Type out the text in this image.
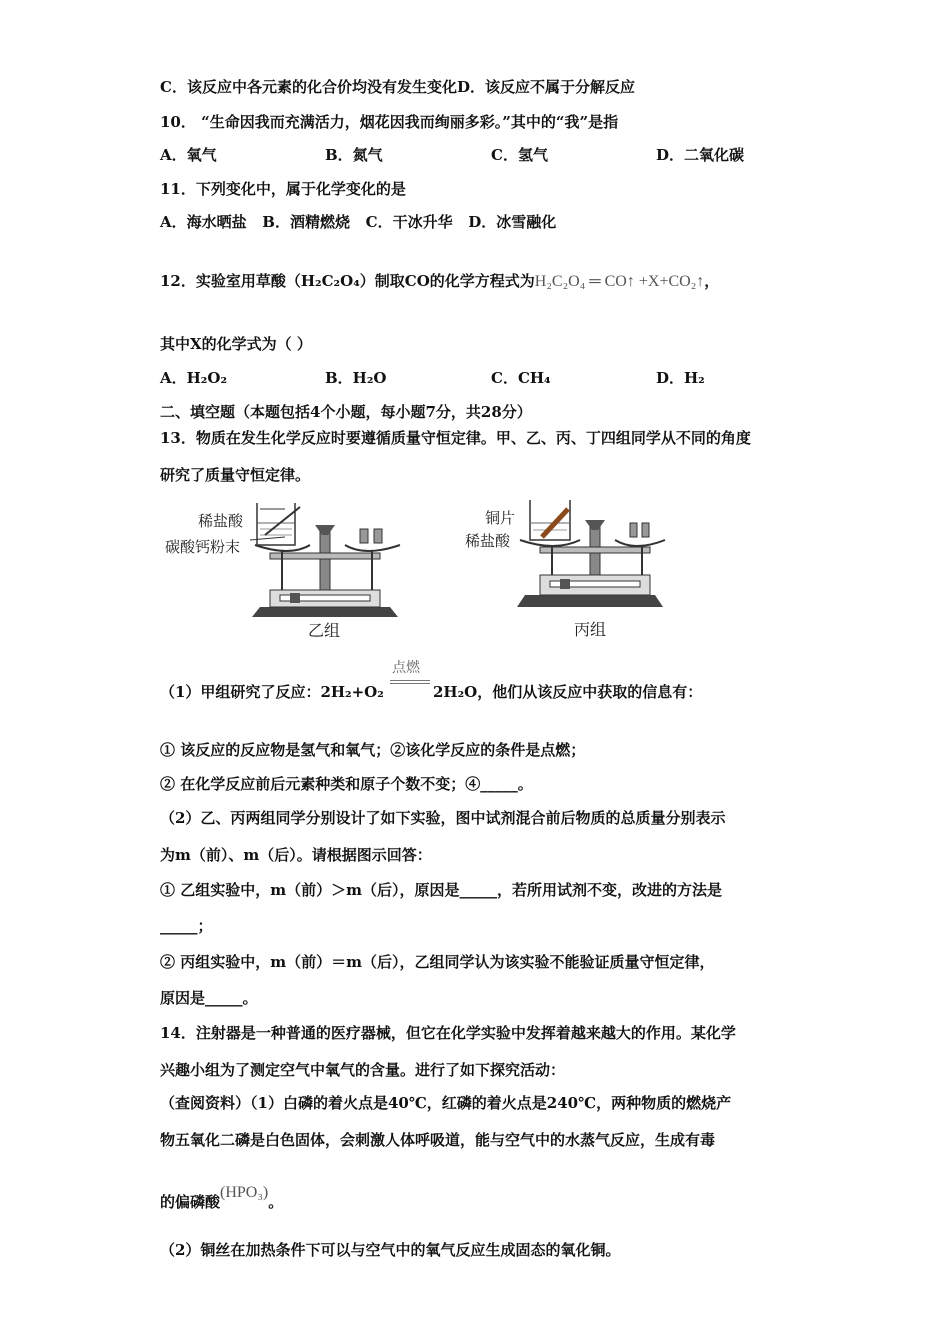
C．该反应中各元素的化合价均没有发生变化D．该反应不属于分解反应
10． “生命因我而充满活力，烟花因我而绚丽多彩。”其中的“我”是指
A．氧气	B．氮气	C．氢气	D．二氧化碳
11．下列变化中，属于化学变化的是
A．海水晒盐   B．酒精燃烧   C．干冰升华   D．冰雪融化
12．实验室用草酸（H₂C₂O₄）制取CO的化学方程式为H₂C₂O₄ ═ CO↑ +X+CO₂↑，
其中X的化学式为（ ）
A．H₂O₂	B．H₂O	C．CH₄	D．H₂
二、填空题（本题包括4个小题，每小题7分，共28分）
13．物质在发生化学反应时要遵循质量守恒定律。甲、乙、丙、丁四组同学从不同的角度
研究了质量守恒定律。
稀盐酸
碳酸钙粉末
乙组
铜片
稀盐酸
丙组
（1）甲组研究了反应：2H₂+O₂
点燃
2H₂O，他们从该反应中获取的信息有：
① 该反应的反应物是氢气和氧气；②该化学反应的条件是点燃；
② 在化学反应前后元素种类和原子个数不变；④_____。
（2）乙、丙两组同学分别设计了如下实验，图中试剂混合前后物质的总质量分别表示
为m（前）、m（后）。请根据图示回答：
① 乙组实验中，m（前）＞m（后），原因是_____，若所用试剂不变，改进的方法是
_____；
② 丙组实验中，m（前）＝m（后），乙组同学认为该实验不能验证质量守恒定律，
原因是_____。
14．注射器是一种普通的医疗器械，但它在化学实验中发挥着越来越大的作用。某化学
兴趣小组为了测定空气中氧气的含量。进行了如下探究活动：
（查阅资料）（1）白磷的着火点是40℃，红磷的着火点是240℃，两种物质的燃烧产
物五氧化二磷是白色固体，会刺激人体呼吸道，能与空气中的水蒸气反应，生成有毒
的偏磷酸(HPO₃)。
（2）铜丝在加热条件下可以与空气中的氧气反应生成固态的氧化铜。
